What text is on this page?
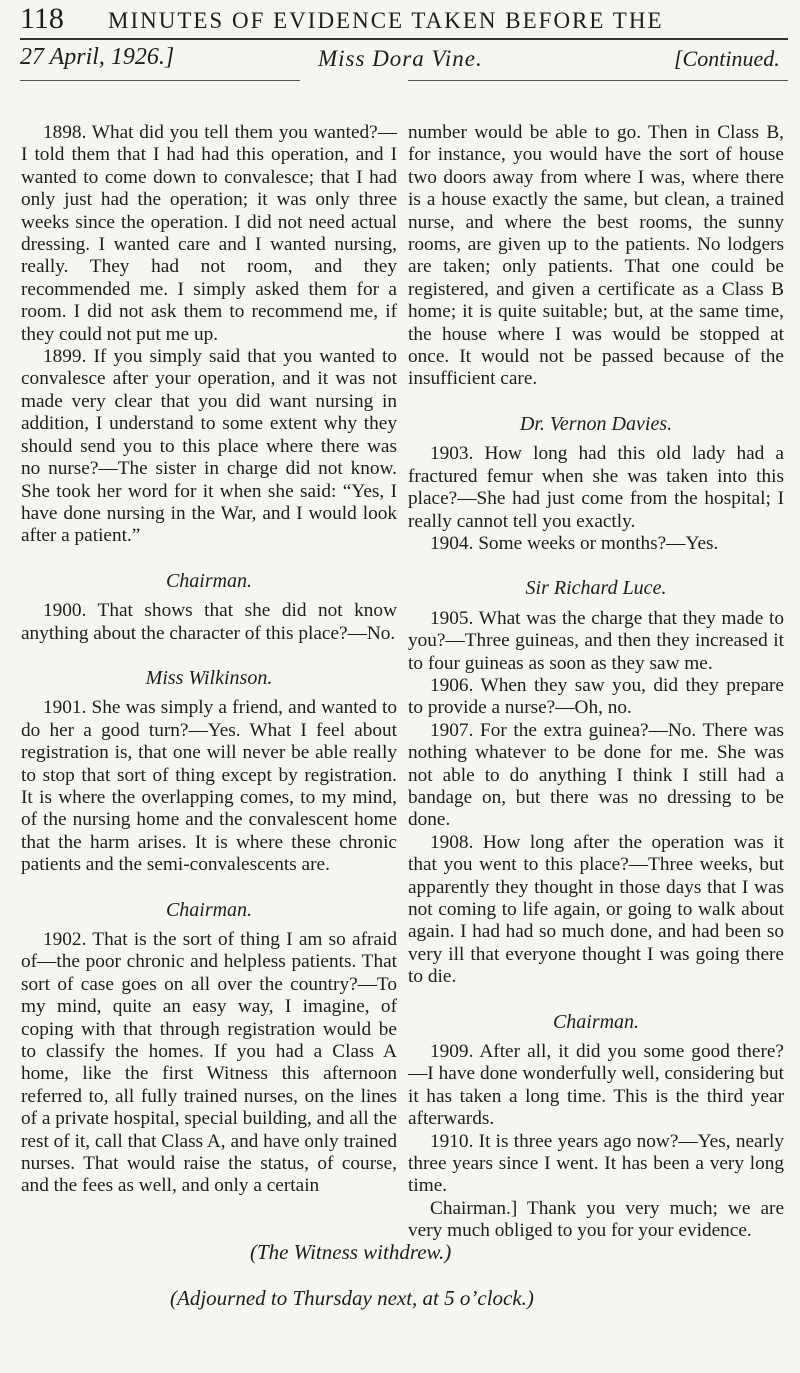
118 MINUTES OF EVIDENCE TAKEN BEFORE THE
27 April, 1926.]	Miss Dora Vine.	[Continued.

1898. What did you tell them you wanted?—I told them that I had had this operation, and I wanted to come down to convalesce; that I had only just had the operation; it was only three weeks since the operation. I did not need actual dressing. I wanted care and I wanted nursing, really. They had not room, and they recommended me. I simply asked them for a room. I did not ask them to recommend me, if they could not put me up.

1899. If you simply said that you wanted to convalesce after your operation, and it was not made very clear that you did want nursing in addition, I understand to some extent why they should send you to this place where there was no nurse?—The sister in charge did not know. She took her word for it when she said: “Yes, I have done nursing in the War, and I would look after a patient.”

Chairman.

1900. That shows that she did not know anything about the character of this place?—No.

Miss Wilkinson.

1901. She was simply a friend, and wanted to do her a good turn?—Yes. What I feel about registration is, that one will never be able really to stop that sort of thing except by registration. It is where the overlapping comes, to my mind, of the nursing home and the convalescent home that the harm arises. It is where these chronic patients and the semi-convalescents are.

Chairman.

1902. That is the sort of thing I am so afraid of—the poor chronic and helpless patients. That sort of case goes on all over the country?—To my mind, quite an easy way, I imagine, of coping with that through registration would be to classify the homes. If you had a Class A home, like the first Witness this afternoon referred to, all fully trained nurses, on the lines of a private hospital, special building, and all the rest of it, call that Class A, and have only trained nurses. That would raise the status, of course, and the fees as well, and only a certain

number would be able to go. Then in Class B, for instance, you would have the sort of house two doors away from where I was, where there is a house exactly the same, but clean, a trained nurse, and where the best rooms, the sunny rooms, are given up to the patients. No lodgers are taken; only patients. That one could be registered, and given a certificate as a Class B home; it is quite suitable; but, at the same time, the house where I was would be stopped at once. It would not be passed because of the insufficient care.

Dr. Vernon Davies.

1903. How long had this old lady had a fractured femur when she was taken into this place?—She had just come from the hospital; I really cannot tell you exactly.

1904. Some weeks or months?—Yes.

Sir Richard Luce.

1905. What was the charge that they made to you?—Three guineas, and then they increased it to four guineas as soon as they saw me.

1906. When they saw you, did they prepare to provide a nurse?—Oh, no.

1907. For the extra guinea?—No. There was nothing whatever to be done for me. She was not able to do anything I think I still had a bandage on, but there was no dressing to be done.

1908. How long after the operation was it that you went to this place?—Three weeks, but apparently they thought in those days that I was not coming to life again, or going to walk about again. I had had so much done, and had been so very ill that everyone thought I was going there to die.

Chairman.

1909. After all, it did you some good there?—I have done wonderfully well, considering but it has taken a long time. This is the third year afterwards.

1910. It is three years ago now?—Yes, nearly three years since I went. It has been a very long time.

Chairman.] Thank you very much; we are very much obliged to you for your evidence.

(The Witness withdrew.)
(Adjourned to Thursday next, at 5 o’clock.)
